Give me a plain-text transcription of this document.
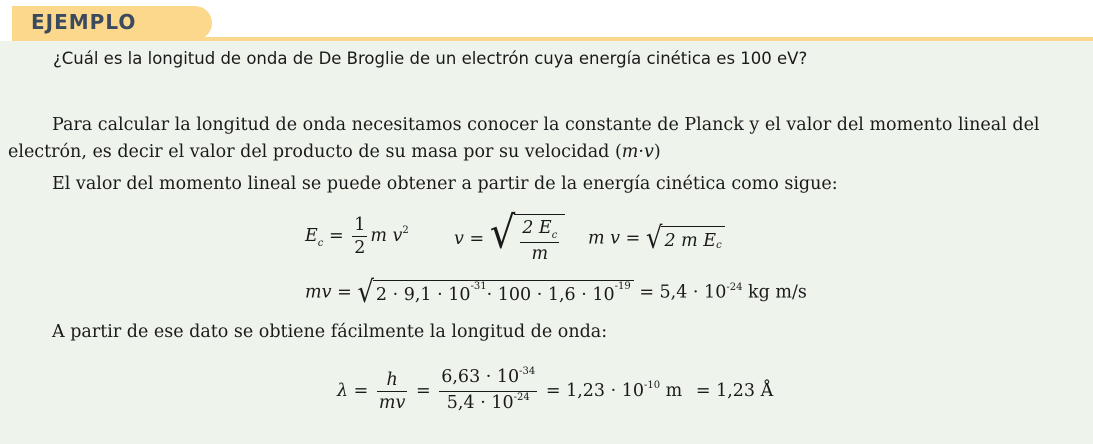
EJEMPLO
¿Cuál es la longitud de onda de De Broglie de un electrón cuya energía cinética es 100 eV?
Para calcular la longitud de onda necesitamos conocer la constante de Planck y el valor del momento lineal del electrón, es decir el valor del producto de su masa por su velocidad (m·v)
El valor del momento lineal se puede obtener a partir de la energía cinética como sigue:
$E_c = \frac{1}{2}$ m $v^2$	v = √ $\frac{2 E_c}{m}$ m v = √ 2 m E c
mv = √ 2 · 9,1 · 10 -31 · 100 · 1,6 · 10 $-19 = 5,4 \cdot 10^{-24}$ kg m/s
A partir de ese dato se obtiene fácilmente la longitud de onda:
$\lambda = \frac{h}{mv} = \frac{6,63 \cdot 10^{-34}}{5,4 \cdot 10^{-24}} = 1,23 \cdot 10^{-10}$ m = 1,23 Å
